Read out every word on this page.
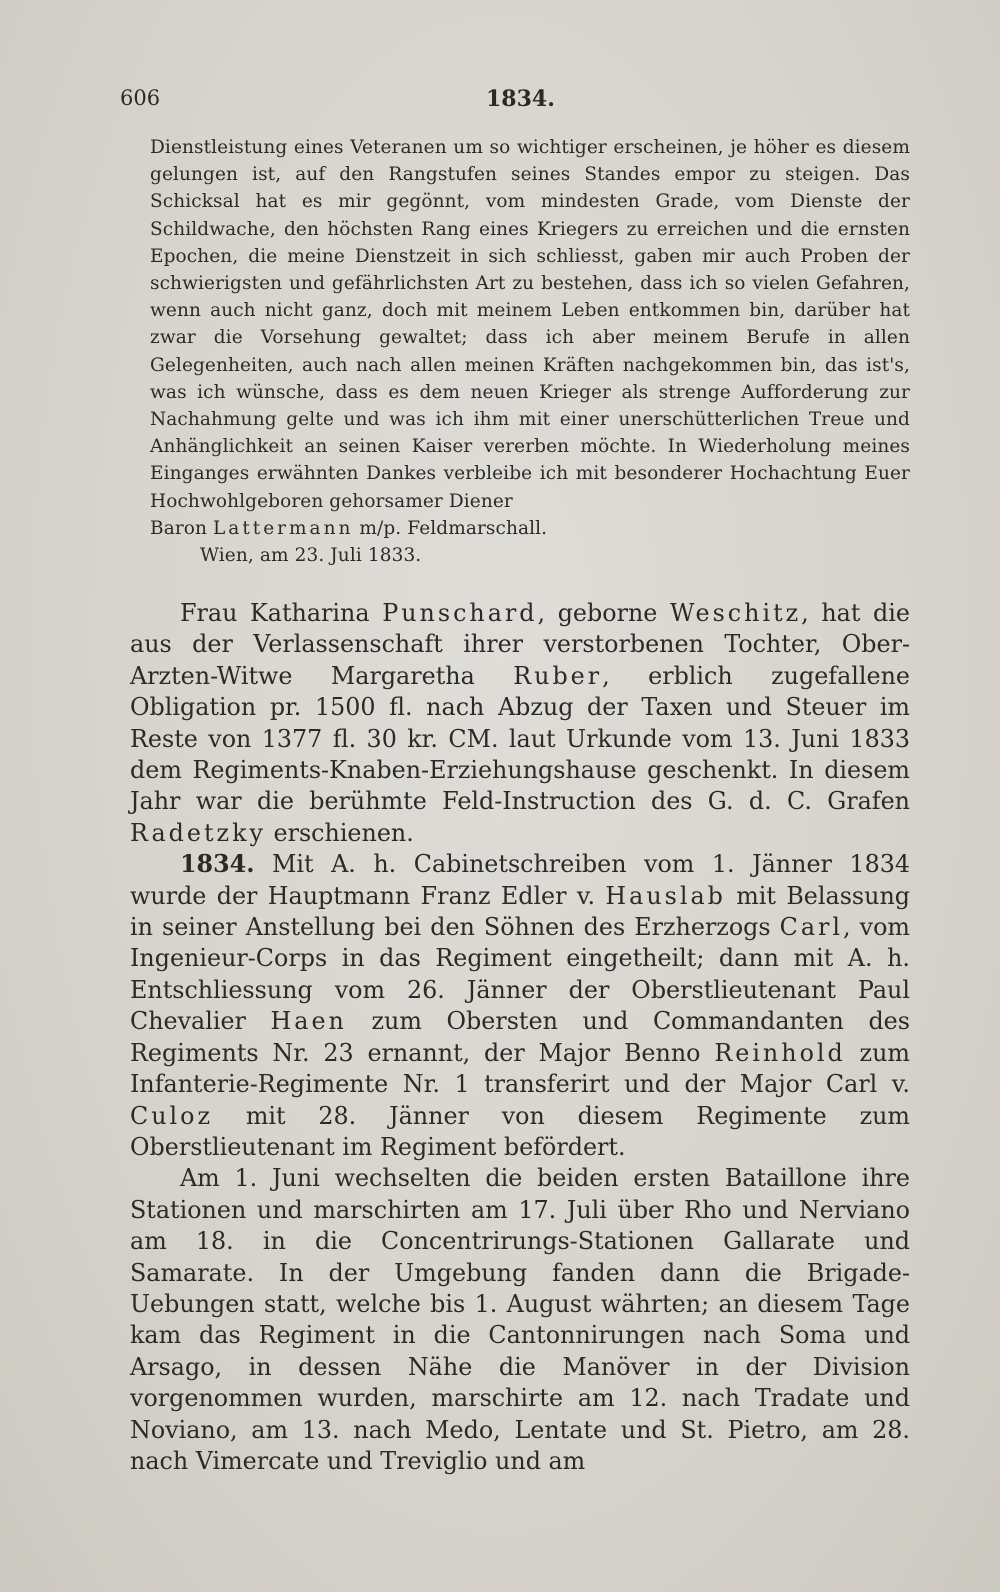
606	1834.

Dienstleistung eines Veteranen um so wichtiger erscheinen, je höher es diesem gelungen ist, auf den Rangstufen seines Standes empor zu steigen. Das Schicksal hat es mir gegönnt, vom mindesten Grade, vom Dienste der Schildwache, den höchsten Rang eines Kriegers zu erreichen und die ernsten Epochen, die meine Dienstzeit in sich schliesst, gaben mir auch Proben der schwierigsten und gefährlichsten Art zu bestehen, dass ich so vielen Gefahren, wenn auch nicht ganz, doch mit meinem Leben entkommen bin, darüber hat zwar die Vorsehung gewaltet; dass ich aber meinem Berufe in allen Gelegenheiten, auch nach allen meinen Kräften nachgekommen bin, das ist's, was ich wünsche, dass es dem neuen Krieger als strenge Aufforderung zur Nachahmung gelte und was ich ihm mit einer unerschütterlichen Treue und Anhänglichkeit an seinen Kaiser vererben möchte. In Wiederholung meines Einganges erwähnten Dankes verbleibe ich mit besonderer Hochachtung Euer Hochwohlgeboren gehorsamer Diener

Baron Lattermann m/p. Feldmarschall.

Wien, am 23. Juli 1833.

Frau Katharina Punschard, geborne Weschitz, hat die aus der Verlassenschaft ihrer verstorbenen Tochter, Ober-Arzten-Witwe Margaretha Ruber, erblich zugefallene Obligation pr. 1500 fl. nach Abzug der Taxen und Steuer im Reste von 1377 fl. 30 kr. CM. laut Urkunde vom 13. Juni 1833 dem Regiments-Knaben-Erziehungshause geschenkt. In diesem Jahr war die berühmte Feld-Instruction des G. d. C. Grafen Radetzky erschienen.

1834. Mit A. h. Cabinetschreiben vom 1. Jänner 1834 wurde der Hauptmann Franz Edler v. Hauslab mit Belassung in seiner Anstellung bei den Söhnen des Erzherzogs Carl, vom Ingenieur-Corps in das Regiment eingetheilt; dann mit A. h. Entschliessung vom 26. Jänner der Oberstlieutenant Paul Chevalier Haen zum Obersten und Commandanten des Regiments Nr. 23 ernannt, der Major Benno Reinhold zum Infanterie-Regimente Nr. 1 transferirt und der Major Carl v. Culoz mit 28. Jänner von diesem Regimente zum Oberstlieutenant im Regiment befördert.

Am 1. Juni wechselten die beiden ersten Bataillone ihre Stationen und marschirten am 17. Juli über Rho und Nerviano am 18. in die Concentrirungs-Stationen Gallarate und Samarate. In der Umgebung fanden dann die Brigade-Uebungen statt, welche bis 1. August währten; an diesem Tage kam das Regiment in die Cantonnirungen nach Soma und Arsago, in dessen Nähe die Manöver in der Division vorgenommen wurden, marschirte am 12. nach Tradate und Noviano, am 13. nach Medo, Lentate und St. Pietro, am 28. nach Vimercate und Treviglio und am
